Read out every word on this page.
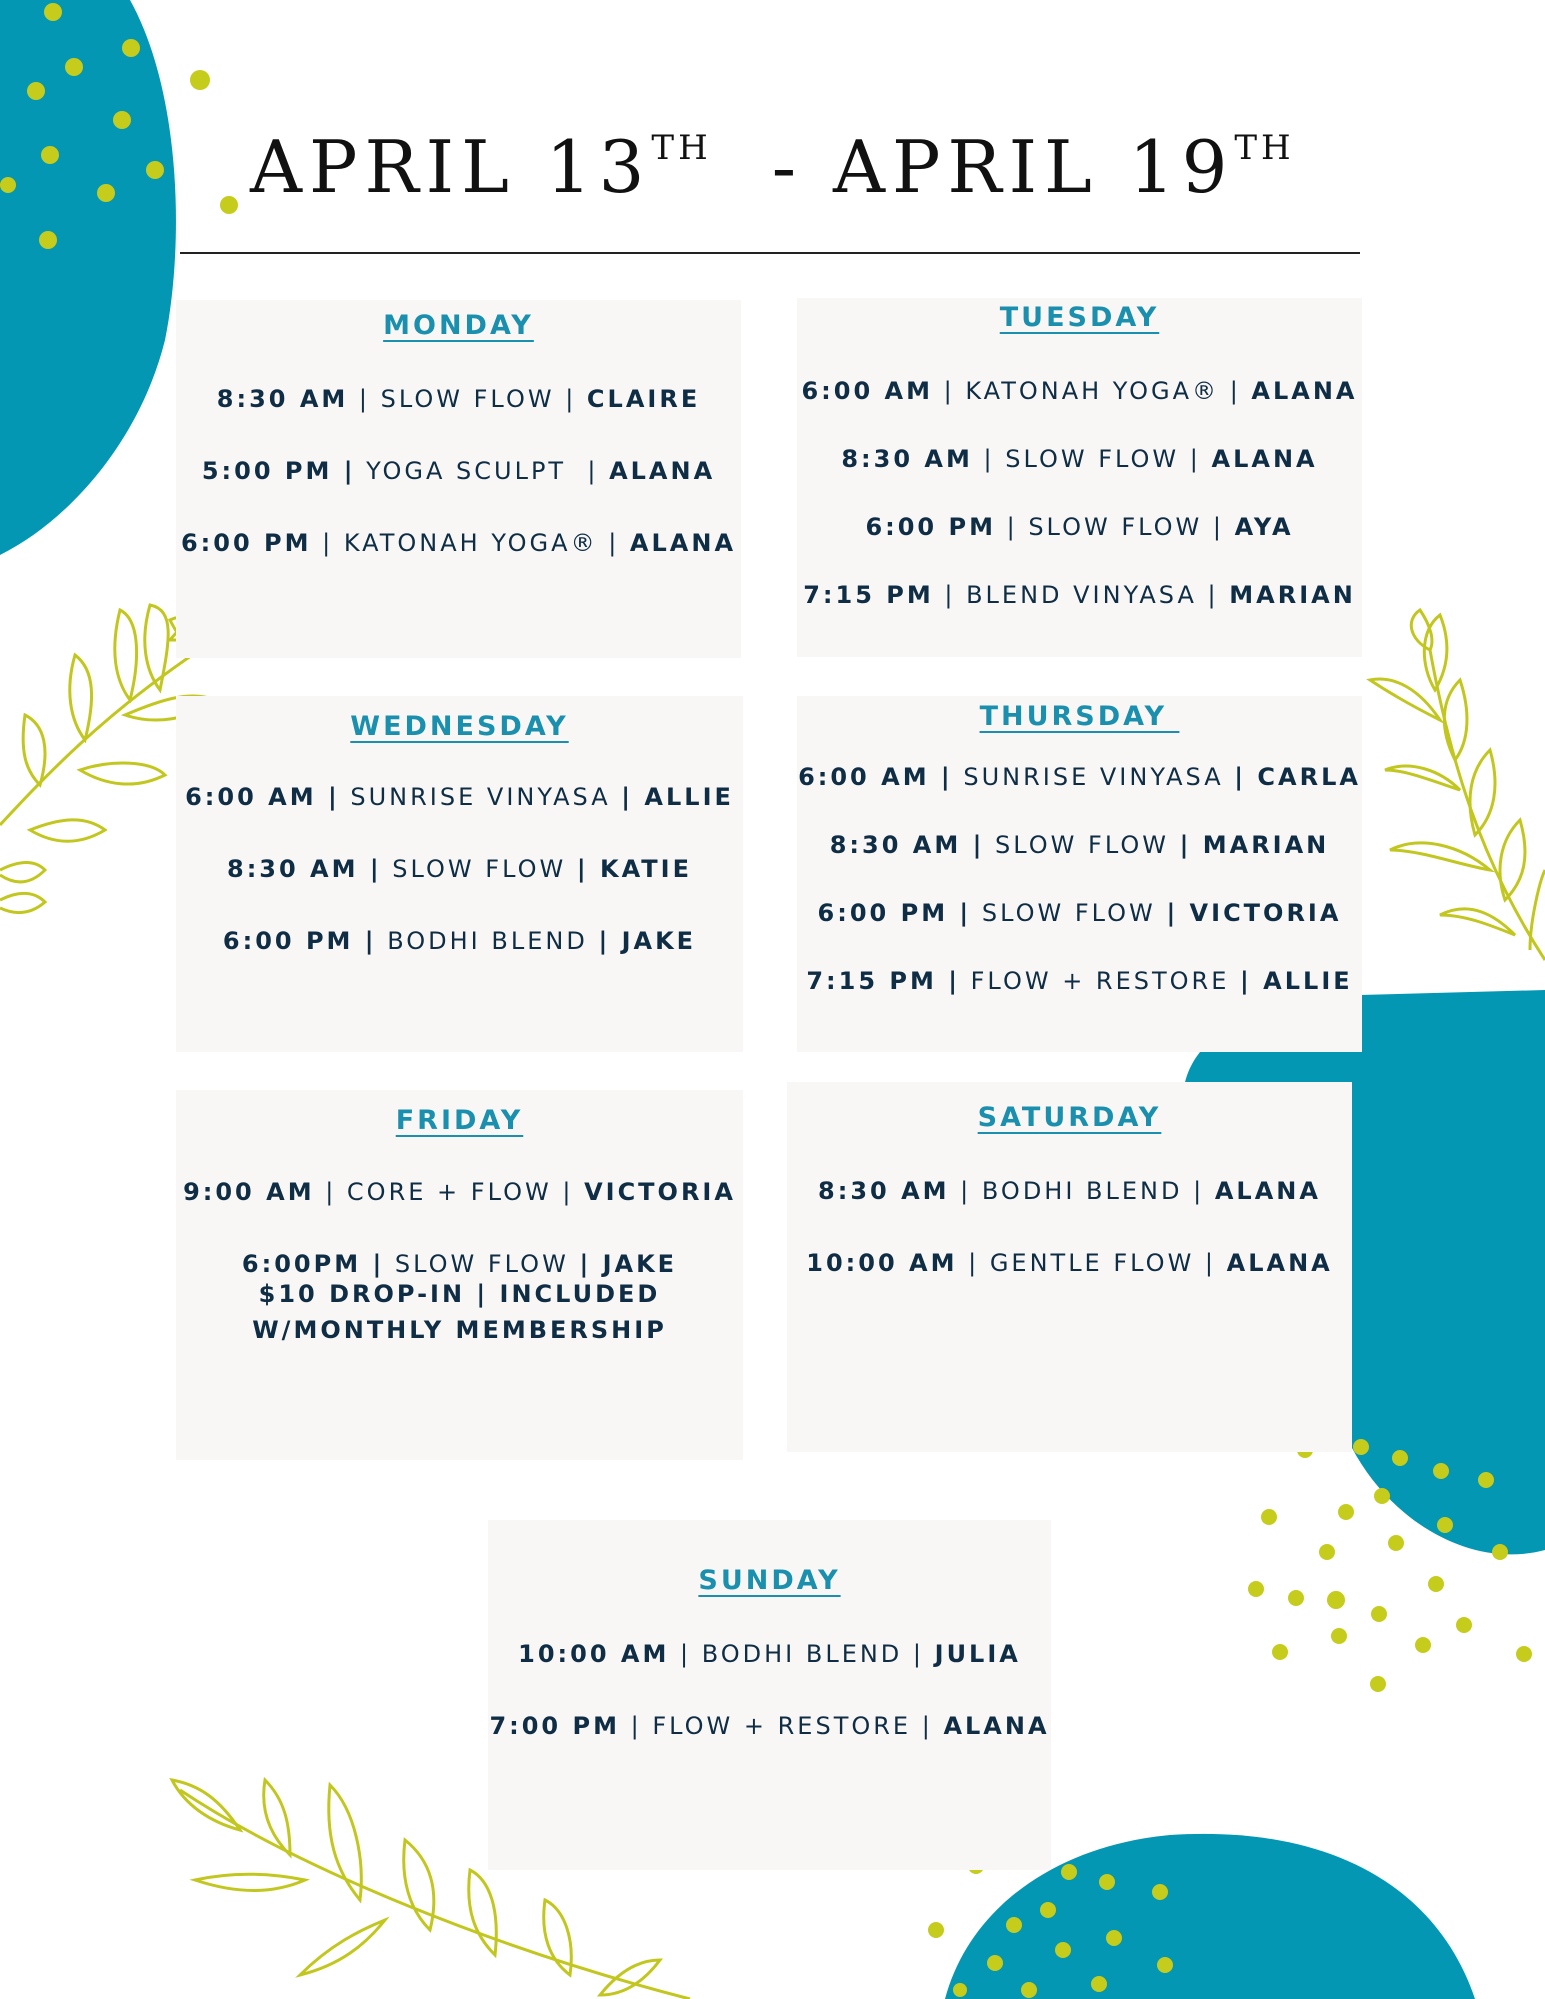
APRIL 13TH - APRIL 19TH
MONDAY
8:30 AM | SLOW FLOW | CLAIRE
5:00 PM | YOGA SCULPT  | ALANA
6:00 PM | KATONAH YOGA® | ALANA
TUESDAY
6:00 AM | KATONAH YOGA® | ALANA
8:30 AM | SLOW FLOW | ALANA
6:00 PM | SLOW FLOW | AYA
7:15 PM | BLEND VINYASA | MARIAN
WEDNESDAY
6:00 AM | SUNRISE VINYASA | ALLIE
8:30 AM | SLOW FLOW | KATIE
6:00 PM | BODHI BLEND | JAKE
THURSDAY
6:00 AM | SUNRISE VINYASA | CARLA
8:30 AM | SLOW FLOW | MARIAN
6:00 PM | SLOW FLOW | VICTORIA
7:15 PM | FLOW + RESTORE | ALLIE
FRIDAY
9:00 AM | CORE + FLOW | VICTORIA
6:00PM | SLOW FLOW | JAKE
$10 DROP-IN | INCLUDED
W/MONTHLY MEMBERSHIP
SATURDAY
8:30 AM | BODHI BLEND | ALANA
10:00 AM | GENTLE FLOW | ALANA
SUNDAY
10:00 AM | BODHI BLEND | JULIA
7:00 PM | FLOW + RESTORE | ALANA
